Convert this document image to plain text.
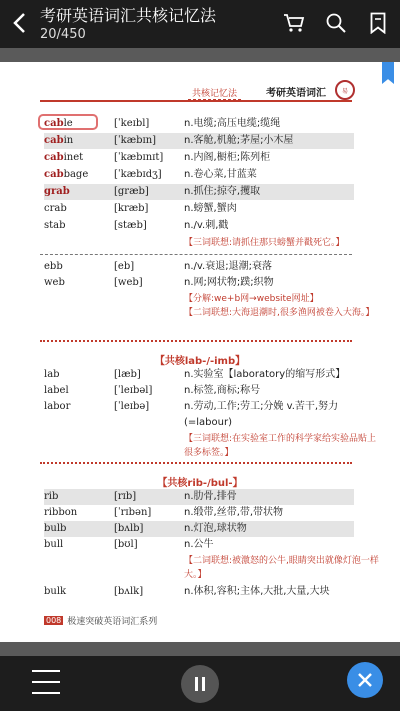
考研英语词汇共核记忆法
20/450
共核记忆法	考研英语词汇	易
cable	[ˈkeɪbl]	n.电缆;高压电缆;缆绳
cabin	[ˈkæbɪn]	n.客舱,机舱;茅屋;小木屋
cabinet	[ˈkæbɪnɪt] n.内阁,橱柜;陈列柜
cabbage	[ˈkæbɪdʒ] n.卷心菜,甘蓝菜
grab	[græb]	n.抓住;掠夺,攫取
crab	[kræb]	n.螃蟹,蟹肉
stab	[stæb]	n./v.刺,戳
【三词联想:请抓住那只螃蟹并戳死它。】
ebb	[eb]	n./v.衰退;退潮;衰落
web	[web]	n.网;网状物;蹼;织物
【分解:we+b网→website网址】
【二词联想:大海退潮时,很多渔网被卷入大海。】
【共核lab-/-imb】
lab	[læb]	n.实验室【laboratory的缩写形式】
label	[ˈleɪbəl]	n.标签,商标;称号
labor	[ˈleɪbə]	n.劳动,工作;劳工;分娩 v.苦干,努力
(=labour)
【三词联想:在实验室工作的科学家给实验品贴上很多标签。】
【共核rib-/bul-】
rib	[rɪb]	n.肋骨,排骨
ribbon	[ˈrɪbən]	n.缎带,丝带,带,带状物
bulb	[bʌlb]	n.灯泡,球状物
bull	[bʊl]	n.公牛
【二词联想:被激怒的公牛,眼睛突出就像灯泡一样大。】
bulk	[bʌlk]	n.体积,容积;主体,大批,大量,大块
008 极速突破英语词汇系列
